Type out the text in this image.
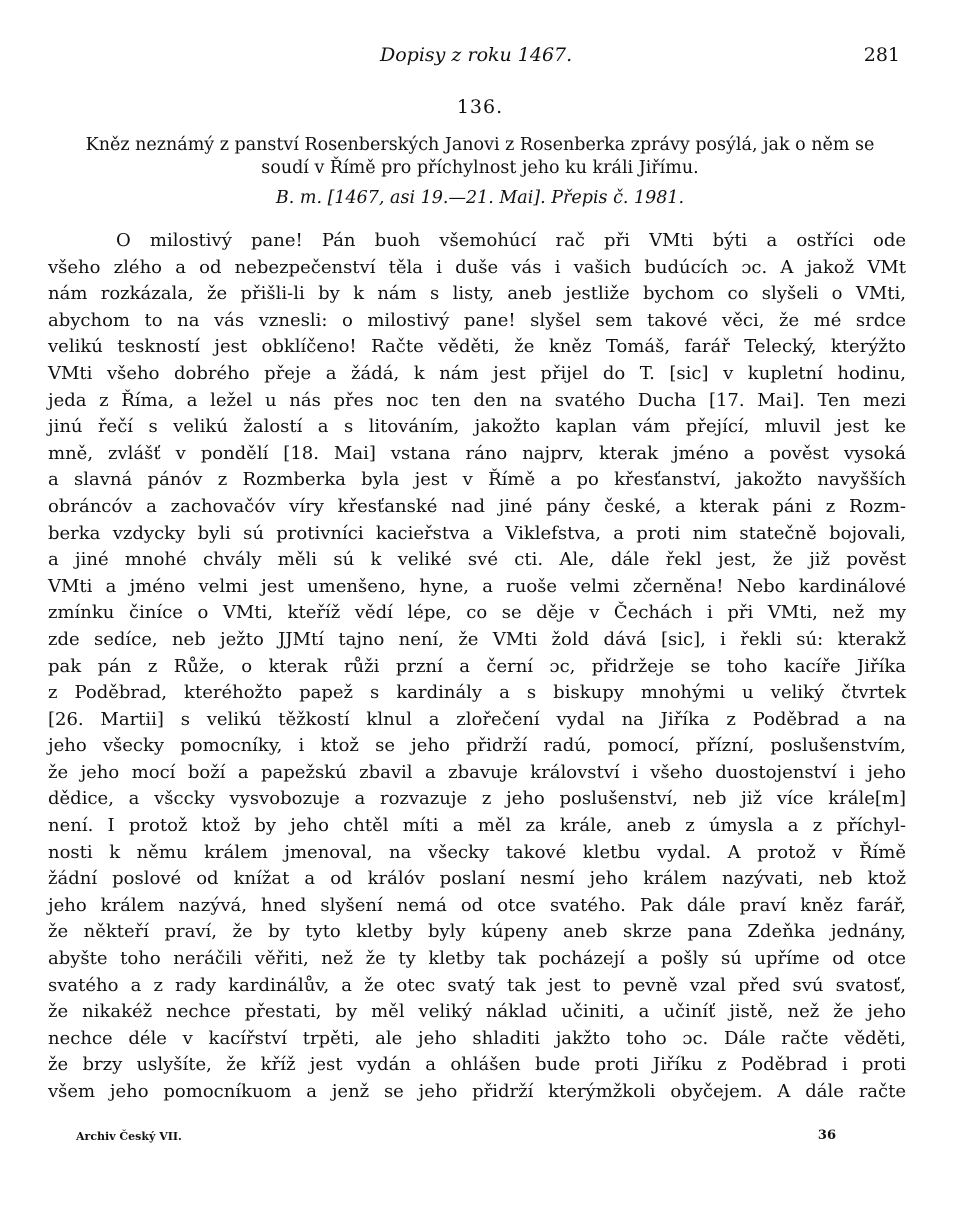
Dopisy z roku 1467.	281
136.
Kněz neznámý z panství Rosenberských Janovi z Rosenberka zprávy posýlá, jak o něm se
soudí v Římě pro příchylnost jeho ku králi Jiřímu.
B. m. [1467, asi 19.—21. Mai]. Přepis č. 1981.
O milostivý pane! Pán buoh všemohúcí rač při VMti býti a ostříci ode
všeho zlého a od nebezpečenství těla i duše vás i vašich budúcích ɔc. A jakož VMt
nám rozkázala, že přišli-li by k nám s listy, aneb jestliže bychom co slyšeli o VMti,
abychom to na vás vznesli: o milostivý pane! slyšel sem takové věci, že mé srdce
velikú teskností jest obklíčeno! Račte věděti, že kněz Tomáš, farář Telecký, kterýžto
VMti všeho dobrého přeje a žádá, k nám jest přijel do T. [sic] v kupletní hodinu,
jeda z Říma, a ležel u nás přes noc ten den na svatého Ducha [17. Mai]. Ten mezi
jinú řečí s velikú žalostí a s litováním, jakožto kaplan vám přející, mluvil jest ke
mně, zvlášť v pondělí [18. Mai] vstana ráno najprv, kterak jméno a pověst vysoká
a slavná pánóv z Rozmberka byla jest v Římě a po křesťanství, jakožto navyšších
obráncóv a zachovačóv víry křesťanské nad jiné pány české, a kterak páni z Rozm-
berka vzdycky byli sú protivníci kacieřstva a Viklefstva, a proti nim statečně bojovali,
a jiné mnohé chvály měli sú k veliké své cti. Ale, dále řekl jest, že již pověst
VMti a jméno velmi jest umenšeno, hyne, a ruoše velmi zčerněna! Nebo kardinálové
zmínku činíce o VMti, kteříž vědí lépe, co se děje v Čechách i při VMti, než my
zde sedíce, neb ježto JJMtí tajno není, že VMti žold dává [sic], i řekli sú: kterakž
pak pán z Růže, o kterak růži przní a černí ɔc, přidržeje se toho kacíře Jiříka
z Poděbrad, kteréhožto papež s kardinály a s biskupy mnohými u veliký čtvrtek
[26. Martii] s velikú těžkostí klnul a zlořečení vydal na Jiříka z Poděbrad a na
jeho všecky pomocníky, i ktož se jeho přidrží radú, pomocí, přízní, poslušenstvím,
že jeho mocí boží a papežskú zbavil a zbavuje království i všeho duostojenství i jeho
dědice, a všccky vysvobozuje a rozvazuje z jeho poslušenství, neb již více krále[m]
není. I protož ktož by jeho chtěl míti a měl za krále, aneb z úmysla a z příchyl-
nosti k němu králem jmenoval, na všecky takové kletbu vydal. A protož v Římě
žádní poslové od knížat a od králóv poslaní nesmí jeho králem nazývati, neb ktož
jeho králem nazývá, hned slyšení nemá od otce svatého. Pak dále praví kněz farář,
že někteří praví, že by tyto kletby byly kúpeny aneb skrze pana Zdeňka jednány,
abyšte toho neráčili věřiti, než že ty kletby tak pocházejí a pošly sú upříme od otce
svatého a z rady kardinálův, a že otec svatý tak jest to pevně vzal před svú svatosť,
že nikakéž nechce přestati, by měl veliký náklad učiniti, a učiníť jistě, než že jeho
nechce déle v kacířství trpěti, ale jeho shladiti jakžto toho ɔc. Dále račte věděti,
že brzy uslyšíte, že kříž jest vydán a ohlášen bude proti Jiříku z Poděbrad i proti
všem jeho pomocníkuom a jenž se jeho přidrží kterýmžkoli obyčejem. A dále račte
Archiv Český VII.	36
